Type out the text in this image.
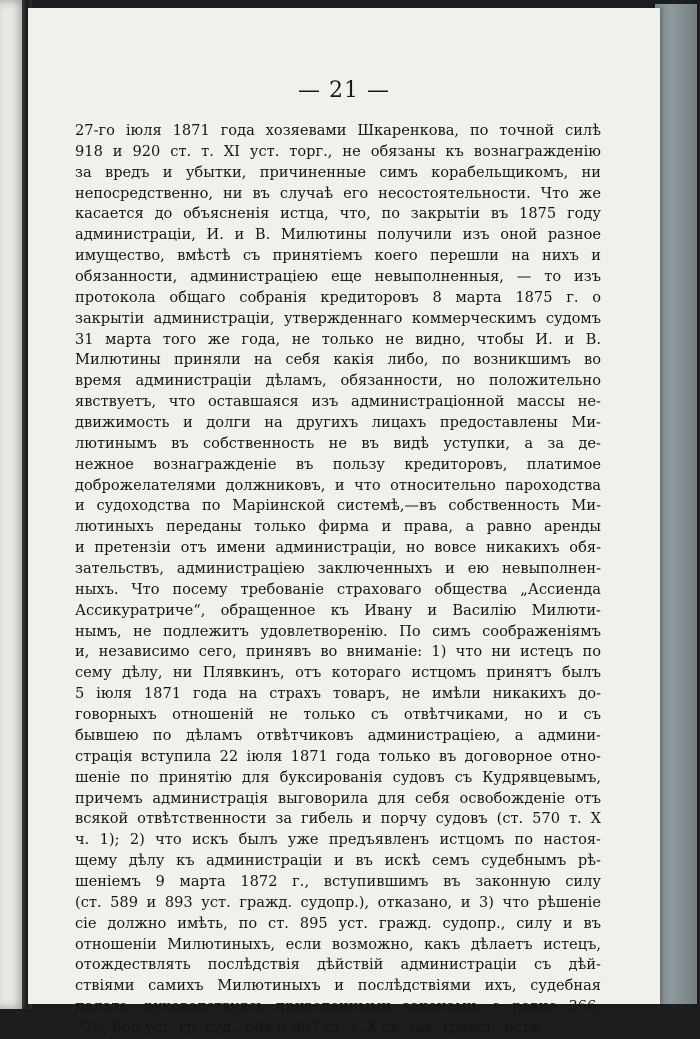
— 21 —
27-го іюля 1871 года хозяевами Шкаренкова, по точной силѣ
918 и 920 ст. т. XI уст. торг., не обязаны къ вознагражденію
за вредъ и убытки, причиненные симъ корабельщикомъ, ни
непосредственно, ни въ случаѣ его несостоятельности. Что же
касается до объясненія истца, что, по закрытіи въ 1875 году
администраціи, И. и В. Милютины получили изъ оной разное
имущество, вмѣстѣ съ принятіемъ коего перешли на нихъ и
обязанности, администраціею еще невыполненныя, — то изъ
протокола общаго собранія кредиторовъ 8 марта 1875 г. о
закрытіи администраціи, утвержденнаго коммерческимъ судомъ
31 марта того же года, не только не видно, чтобы И. и В.
Милютины приняли на себя какія либо, по возникшимъ во
время администраціи дѣламъ, обязанности, но положительно
явствуетъ, что оставшаяся изъ администраціонной массы не-
движимость и долги на другихъ лицахъ предоставлены Ми-
лютинымъ въ собственность не въ видѣ уступки, а за де-
нежное вознагражденіе въ пользу кредиторовъ, платимое
доброжелателями должниковъ, и что относительно пароходства
и судоходства по Маріинской системѣ,—въ собственность Ми-
лютиныхъ переданы только фирма и права, а равно аренды
и претензіи отъ имени администраціи, но вовсе никакихъ обя-
зательствъ, администраціею заключенныхъ и ею невыполнен-
ныхъ. Что посему требованіе страховаго общества „Ассиенда
Ассикуратриче“, обращенное къ Ивану и Василію Милюти-
нымъ, не подлежитъ удовлетворенію. По симъ соображеніямъ
и, независимо сего, принявъ во вниманіе: 1) что ни истецъ по
сему дѣлу, ни Плявкинъ, отъ котораго истцомъ принятъ былъ
5 іюля 1871 года на страхъ товаръ, не имѣли никакихъ до-
говорныхъ отношеній не только съ отвѣтчиками, но и съ
бывшею по дѣламъ отвѣтчиковъ администраціею, а админи-
страція вступила 22 іюля 1871 года только въ договорное отно-
шеніе по принятію для буксированія судовъ съ Кудрявцевымъ,
причемъ администрація выговорила для себя освобожденіе отъ
всякой отвѣтственности за гибель и порчу судовъ (ст. 570 т. X
ч. 1); 2) что искъ былъ уже предъявленъ истцомъ по настоя-
щему дѣлу къ администраціи и въ искѣ семъ судебнымъ рѣ-
шеніемъ 9 марта 1872 г., вступившимъ въ законную силу
(ст. 589 и 893 уст. гражд. судопр.), отказано, и 3) что рѣшеніе
сіе должно имѣть, по ст. 895 уст. гражд. судопр., силу и въ
отношеніи Милютиныхъ, если возможно, какъ дѣлаетъ истецъ,
отождествлять послѣдствія дѣйствій администраціи съ дѣй-
ствіями самихъ Милютиныхъ и послѣдствіями ихъ, судебная
палата, руководствуясь приведенными законами, а равно 366,
776, 868 уст. гр. суд., 684 и 687 ст. т. X св. зак. гражд., оста-
